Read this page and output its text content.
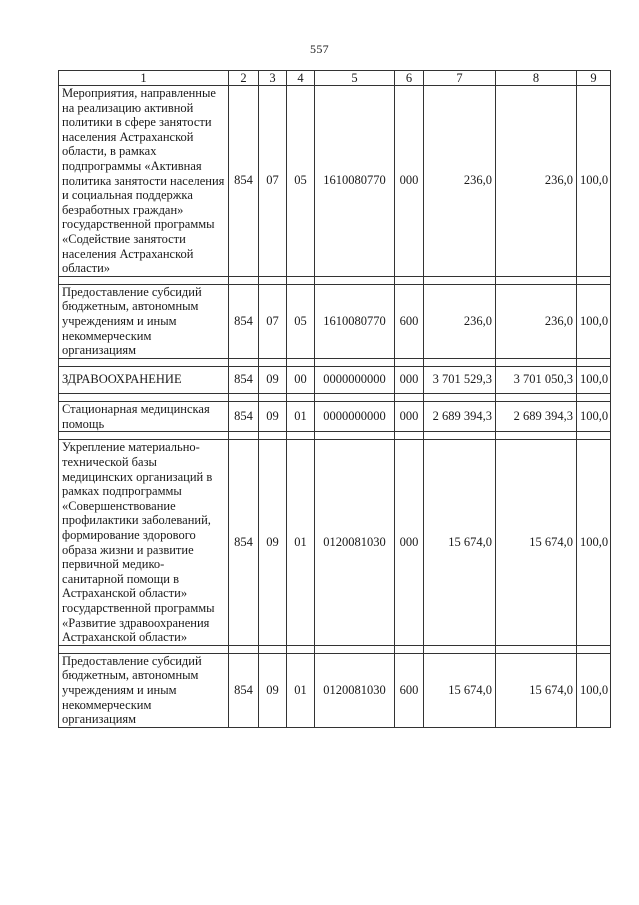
557
1	2	3	4	5	6	7	8	9
Мероприятия, направленные на реализацию активной политики в сфере занятости населения Астраханской области, в рамках подпрограммы «Активная политика занятости населения и социальная поддержка безработных граждан» государственной программы «Содействие занятости населения Астраханской области»	854	07	05	1610080770	000	236,0	236,0	100,0

Предоставление субсидий бюджетным, автономным учреждениям и иным некоммерческим организациям	854	07	05	1610080770	600	236,0	236,0	100,0

ЗДРАВООХРАНЕНИЕ	854	09	00	0000000000	000	3 701 529,3	3 701 050,3	100,0

Стационарная медицинская помощь	854	09	01	0000000000	000	2 689 394,3	2 689 394,3	100,0

Укрепление материально-технической базы медицинских организаций в рамках подпрограммы «Совершенствование профилактики заболеваний, формирование здорового образа жизни и развитие первичной медико-санитарной помощи в Астраханской области» государственной программы «Развитие здравоохранения Астраханской области»	854	09	01	0120081030	000	15 674,0	15 674,0	100,0

Предоставление субсидий бюджетным, автономным учреждениям и иным некоммерческим организациям	854	09	01	0120081030	600	15 674,0	15 674,0	100,0
